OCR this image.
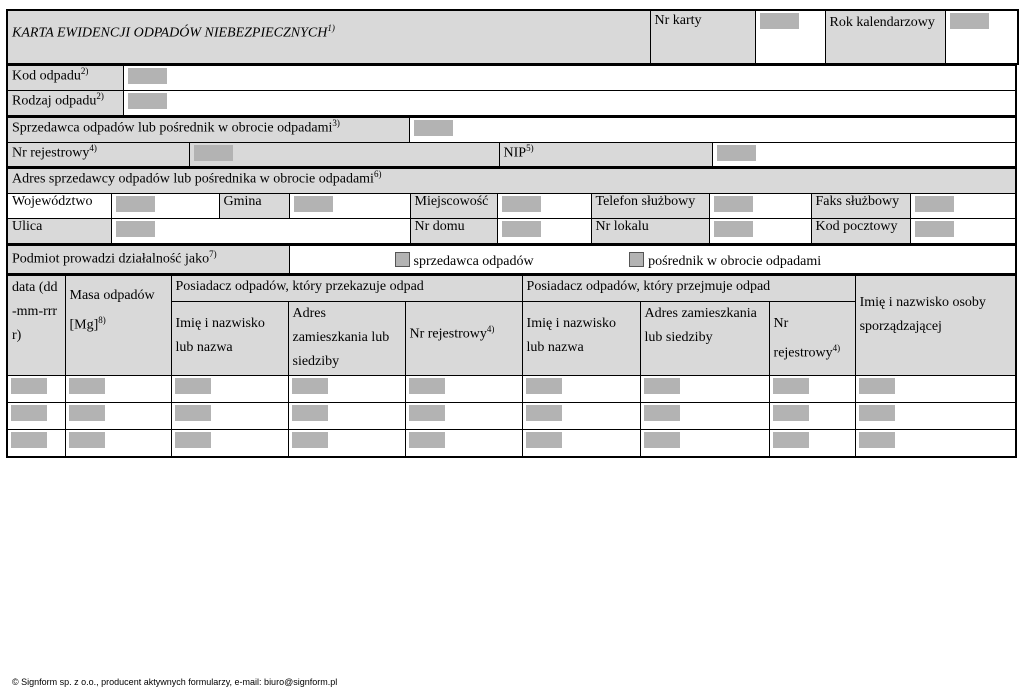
KARTA EWIDENCJI ODPADÓW NIEBEZPIECZNYCH$^{1)}$	Nr karty		Rok kalendarzowy	
Kod odpadu$^{2)}$	
Rodzaj odpadu$^{2)}$	
Sprzedawca odpadów lub pośrednik w obrocie odpadami$^{3)}$	
Nr rejestrowy$^{4)}$			NIP$^{5)}$	
Adres sprzedawcy odpadów lub pośrednika w obrocie odpadami$^{6)}$
Województwo		Gmina		Miejscowość		Telefon służbowy		Faks służbowy	
Ulica				Nr domu		Nr lokalu		Kod pocztowy	
Podmiot prowadzi działalność jako$^{7)}$	sprzedawca odpadów	pośrednik w obrocie odpadami
data (dd-mm-rrrr)	Masa odpadów $[Mg]^{8)}$	Posiadacz odpadów, który przekazuje odpad			Posiadacz odpadów, który przejmuje odpad			Imię i nazwisko osoby sporządzającej
		Imię i nazwisko lub nazwa	Adres zamieszkania lub siedziby	Nr rejestrowy$^{4)}$	Imię i nazwisko lub nazwa	Adres zamieszkania lub siedziby	Nr rejestrowy$^{4)}$

© Signform sp. z o.o., producent aktywnych formularzy, e-mail: biuro@signform.pl
